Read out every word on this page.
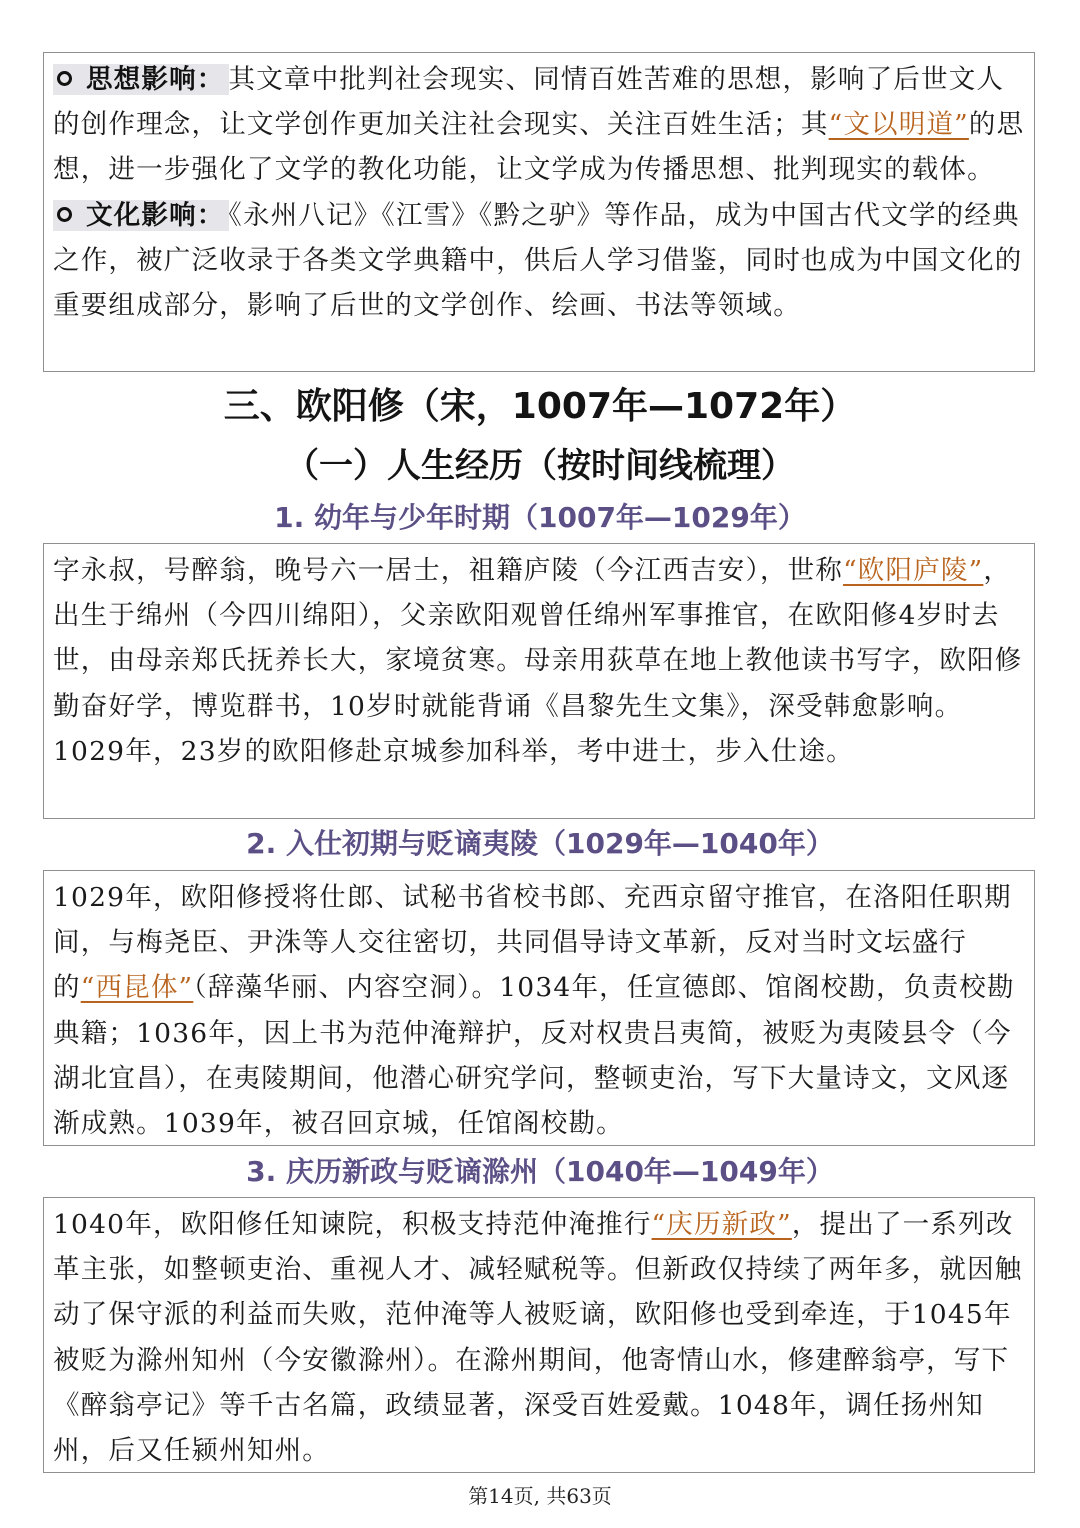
思想影响： 其文章中批判社会现实、同情百姓苦难的思想，影响了后世文人的创作理念，让文学创作更加关注社会现实、关注百姓生活；其“文以明道”的思想，进一步强化了文学的教化功能，让文学成为传播思想、批判现实的载体。

文化影响： 《永州八记》《江雪》《黔之驴》等作品，成为中国古代文学的经典之作，被广泛收录于各类文学典籍中，供后人学习借鉴，同时也成为中国文化的重要组成部分，影响了后世的文学创作、绘画、书法等领域。

三、欧阳修（宋，1007年—1072年）
（一）人生经历（按时间线梳理）
1. 幼年与少年时期（1007年—1029年）

字永叔，号醉翁，晚号六一居士，祖籍庐陵（今江西吉安），世称“欧阳庐陵”，出生于绵州（今四川绵阳），父亲欧阳观曾任绵州军事推官，在欧阳修4岁时去世，由母亲郑氏抚养长大，家境贫寒。母亲用荻草在地上教他读书写字，欧阳修勤奋好学，博览群书，10岁时就能背诵《昌黎先生文集》，深受韩愈影响。1029年，23岁的欧阳修赴京城参加科举，考中进士，步入仕途。

2. 入仕初期与贬谪夷陵（1029年—1040年）

1029年，欧阳修授将仕郎、试秘书省校书郎、充西京留守推官，在洛阳任职期间，与梅尧臣、尹洙等人交往密切，共同倡导诗文革新，反对当时文坛盛行的“西昆体”（辞藻华丽、内容空洞）。1034年，任宣德郎、馆阁校勘，负责校勘典籍；1036年，因上书为范仲淹辩护，反对权贵吕夷简，被贬为夷陵县令（今湖北宜昌），在夷陵期间，他潜心研究学问，整顿吏治，写下大量诗文，文风逐渐成熟。1039年，被召回京城，任馆阁校勘。

3. 庆历新政与贬谪滁州（1040年—1049年）

1040年，欧阳修任知谏院，积极支持范仲淹推行“庆历新政”，提出了一系列改革主张，如整顿吏治、重视人才、减轻赋税等。但新政仅持续了两年多，就因触动了保守派的利益而失败，范仲淹等人被贬谪，欧阳修也受到牵连，于1045年被贬为滁州知州（今安徽滁州）。在滁州期间，他寄情山水，修建醉翁亭，写下《醉翁亭记》等千古名篇，政绩显著，深受百姓爱戴。1048年，调任扬州知州，后又任颍州知州。

第14页, 共63页
